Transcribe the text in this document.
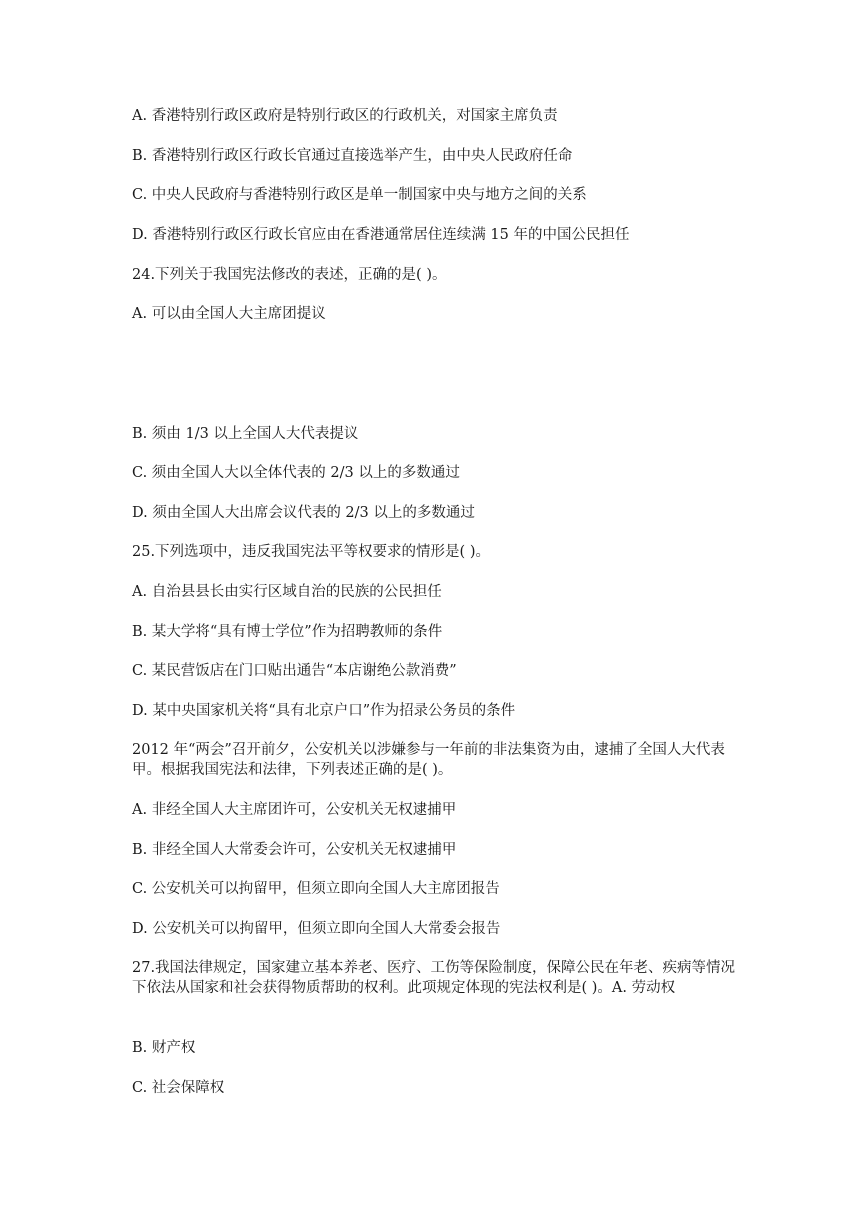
A. 香港特别行政区政府是特别行政区的行政机关，对国家主席负责
B. 香港特别行政区行政长官通过直接选举产生，由中央人民政府任命
C. 中央人民政府与香港特别行政区是单一制国家中央与地方之间的关系
D. 香港特别行政区行政长官应由在香港通常居住连续满 15 年的中国公民担任
24.下列关于我国宪法修改的表述，正确的是( )。
A. 可以由全国人大主席团提议
B. 须由 1/3 以上全国人大代表提议
C. 须由全国人大以全体代表的 2/3 以上的多数通过
D. 须由全国人大出席会议代表的 2/3 以上的多数通过
25.下列选项中，违反我国宪法平等权要求的情形是( )。
A. 自治县县长由实行区域自治的民族的公民担任
B. 某大学将“具有博士学位”作为招聘教师的条件
C. 某民营饭店在门口贴出通告“本店谢绝公款消费”
D. 某中央国家机关将“具有北京户口”作为招录公务员的条件
2012 年“两会”召开前夕，公安机关以涉嫌参与一年前的非法集资为由，逮捕了全国人大代表甲。根据我国宪法和法律，下列表述正确的是( )。
A. 非经全国人大主席团许可，公安机关无权逮捕甲
B. 非经全国人大常委会许可，公安机关无权逮捕甲
C. 公安机关可以拘留甲，但须立即向全国人大主席团报告
D. 公安机关可以拘留甲，但须立即向全国人大常委会报告
27.我国法律规定，国家建立基本养老、医疗、工伤等保险制度，保障公民在年老、疾病等情况下依法从国家和社会获得物质帮助的权利。此项规定体现的宪法权利是( )。A. 劳动权
B. 财产权
C. 社会保障权
